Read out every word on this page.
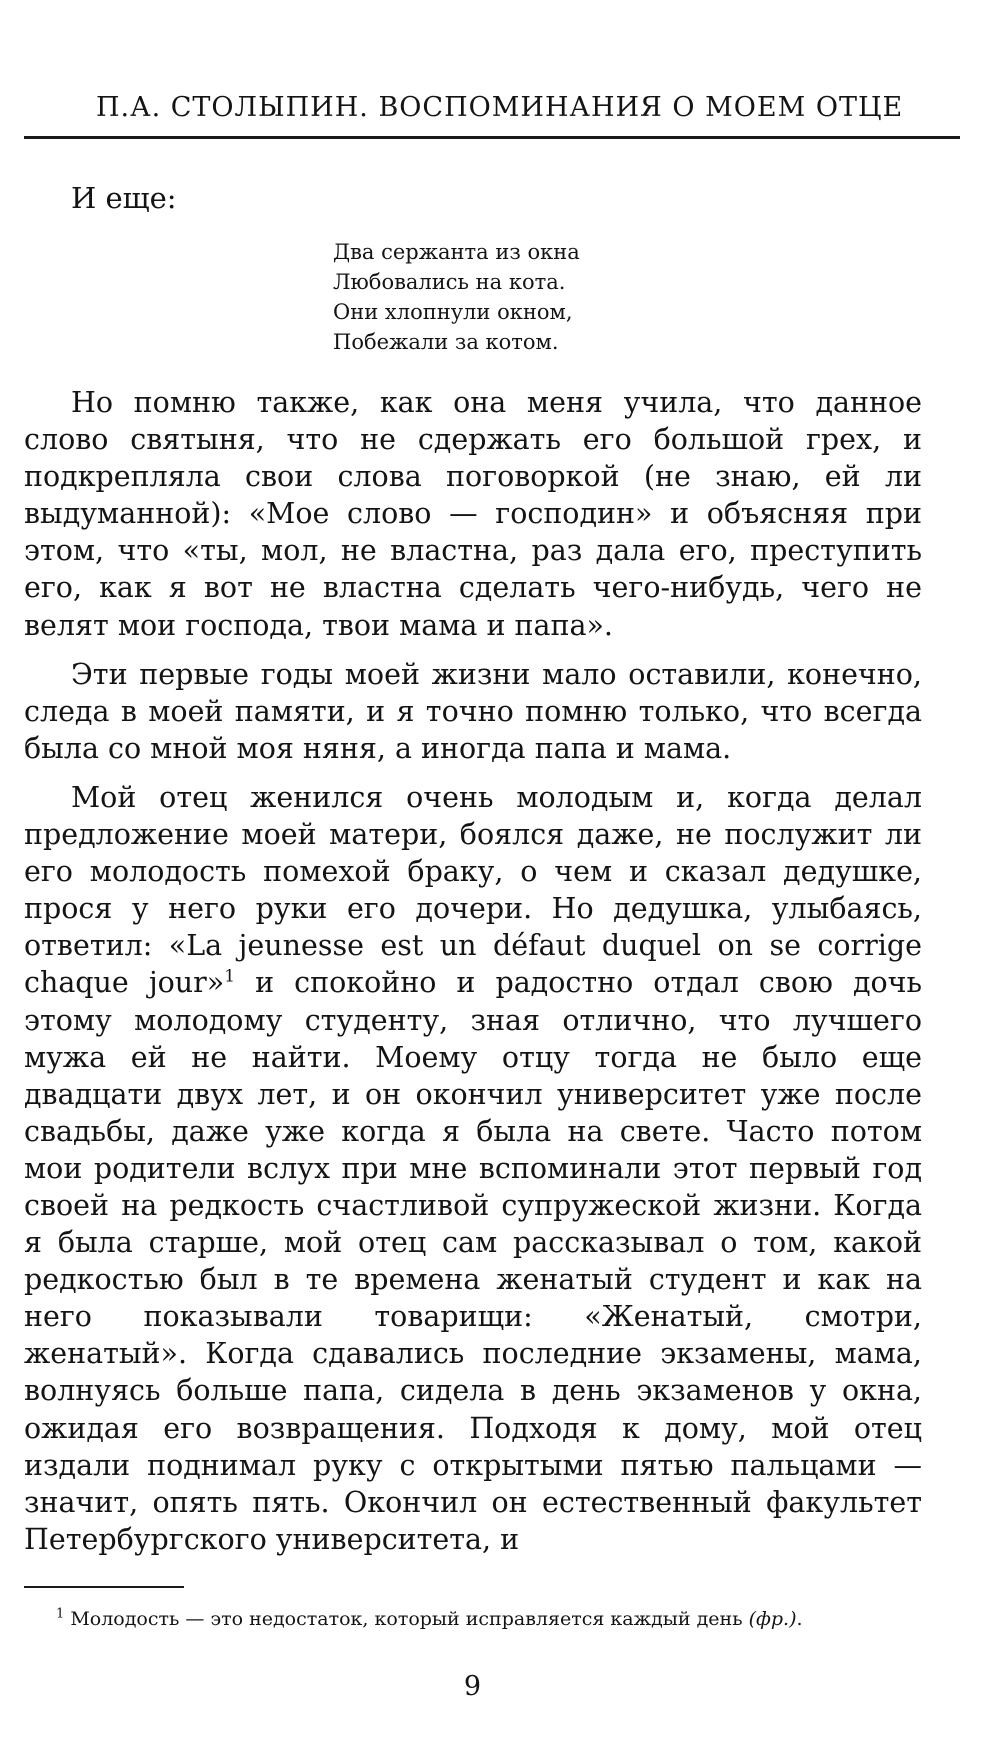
П.А. СТОЛЫПИН. ВОСПОМИНАНИЯ О МОЕМ ОТЦЕ
И еще:
Два сержанта из окна
Любовались на кота.
Они хлопнули окном,
Побежали за котом.

Но помню также, как она меня учила, что данное слово святыня, что не сдержать его большой грех, и подкрепляла свои слова поговоркой (не знаю, ей ли выдуманной): «Мое слово — господин» и объясняя при этом, что «ты, мол, не властна, раз дала его, преступить его, как я вот не властна сделать чего-нибудь, чего не велят мои господа, твои мама и папа».

Эти первые годы моей жизни мало оставили, конечно, следа в моей памяти, и я точно помню только, что всегда была со мной моя няня, а иногда папа и мама.

Мой отец женился очень молодым и, когда делал предложение моей матери, боялся даже, не послужит ли его молодость помехой браку, о чем и сказал дедушке, прося у него руки его дочери. Но дедушка, улыбаясь, ответил: «La jeunesse est un défaut duquel on se corrige chaque jour»$^1$ и спокойно и радостно отдал свою дочь этому молодому студенту, зная отлично, что лучшего мужа ей не найти. Моему отцу тогда не было еще двадцати двух лет, и он окончил университет уже после свадьбы, даже уже когда я была на свете. Часто потом мои родители вслух при мне вспоминали этот первый год своей на редкость счастливой супружеской жизни. Когда я была старше, мой отец сам рассказывал о том, какой редкостью был в те времена женатый студент и как на него показывали товарищи: «Женатый, смотри, женатый». Когда сдавались последние экзамены, мама, волнуясь больше папа, сидела в день экзаменов у окна, ожидая его возвращения. Подходя к дому, мой отец издали поднимал руку с открытыми пятью пальцами — значит, опять пять. Окончил он естественный факультет Петербургского университета, и

$^1$ Молодость — это недостаток, который исправляется каждый день (фр.).
9
